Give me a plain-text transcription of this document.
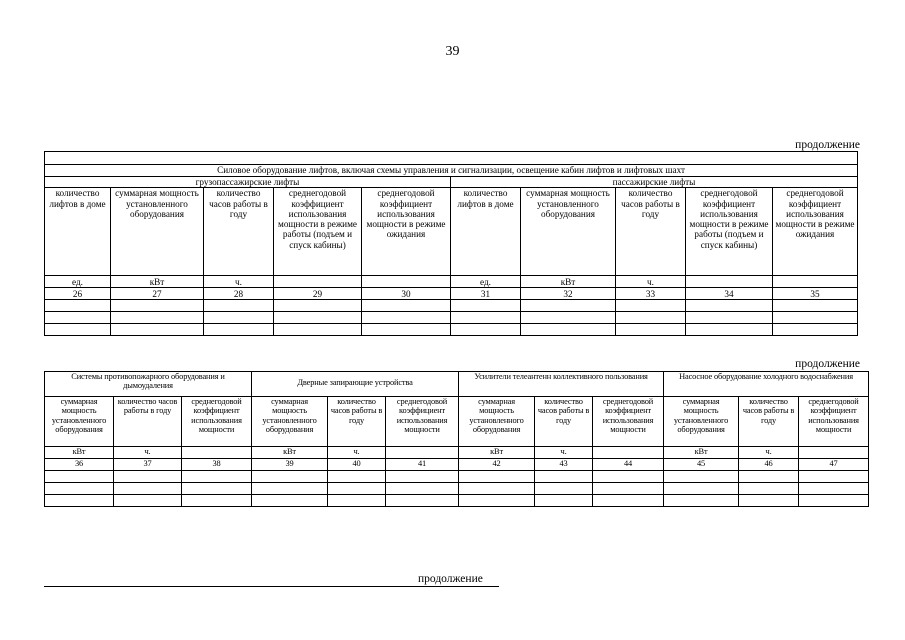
39
продолжение

Силовое оборудование лифтов, включая схемы управления и сигнализации, освещение кабин лифтов и лифтовых шахт									
грузопассажирские лифты					пассажирские лифты				
количество лифтов в доме	суммарная мощность установленного оборудования	количество часов работы в году	среднегодовой коэффициент использования мощности в режиме работы (подъем и спуск кабины)	среднегодовой коэффициент использования мощности в режиме ожидания	количество лифтов в доме	суммарная мощность установленного оборудования	количество часов работы в году	среднегодовой коэффициент использования мощности в режиме работы (подъем и спуск кабины)	среднегодовой коэффициент использования мощности в режиме ожидания
ед.	кВт	ч.			ед.	кВт	ч.		
26	27	28	29	30	31	32	33	34	35

продолжение
Системы противопожарного оборудования и дымоудаления			Дверные запирающие устройства			Усилители телеантенн коллективного пользования			Насосное оборудование холодного водоснабжения		
суммарная мощность установленного оборудования	количество часов работы в году	среднегодовой коэффициент использования мощности	суммарная мощность установленного оборудования	количество часов работы в году	среднегодовой коэффициент использования мощности	суммарная мощность установленного оборудования	количество часов работы в году	среднегодовой коэффициент использования мощности	суммарная мощность установленного оборудования	количество часов работы в году	среднегодовой коэффициент использования мощности
кВт	ч.		кВт	ч.		кВт	ч.		кВт	ч.	
36	37	38	39	40	41	42	43	44	45	46	47

продолжение
